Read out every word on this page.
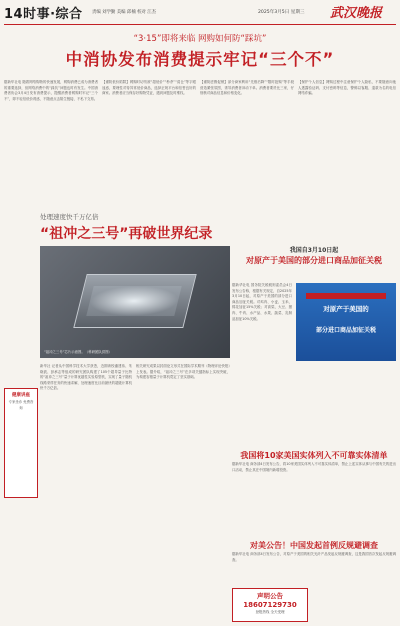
14时事·综合 责编 刘学勤 美编 邱楠 校对 江杰	2025年3月5日 星期三 武汉晚报
“3·15”即将来临 网购如何防“踩坑”
中消协发布消费提示牢记“三个不”
据新华社电 随着网络购物的快速发展，网购消费已成为消费者的重要选择，但网络消费中的“踩坑”问题也时有发生。中国消费者协会3月4日发布消费提示，提醒消费者网购时牢记“三个不”，即不轻信低价诱惑、不随意点击陌生链接、不私下交易。
【谨防低价陷阱】网购时切勿被“超低价”“秒杀”“清仓”等字眼迷惑，要理性对待异常低价商品，选择正规平台和信誉良好的商家。消费者应当保存好购物凭证，遇到问题及时维权。
【谨防虚假促销】部分商家利用“先涨后降”“限时抢购”等手段营造紧张氛围，诱导消费者冲动下单。消费者要货比三家，仔细核对商品信息和价格变化。
【保护个人信息】网购过程中注意保护个人隐私，不要随意向他人透露验证码、支付密码等信息，警惕以客服、退款为名的电信网络诈骗。
处理速度快千万亿倍
“祖冲之三号”再破世界纪录
“祖冲之三号”芯片示意图。（科研团队供图）
新华社 记者从中国科学技术大学获悉，近期该校潘建伟、朱晓波、彭承志等组成的研究团队构建了105个超导量子比特的“祖冲之三号”量子计算优越性实验原型机，实现了量子随机线路采样任务的快速求解，处理速度比目前最快的超级计算机快千万亿倍。
相关研究成果以封面论文形式在国际学术期刊《物理评论快报》上发表。据介绍，“祖冲之三号”在多项关键指标上实现突破，为构建容错量子计算机奠定了坚实基础。
健康讲座
专家坐诊 免费咨询
我国自3月10日起
对原产于美国的部分进口商品加征关税
对原产于美国的
部分进口商品加征关税
据新华社电 国务院关税税则委员会4日发布公告称，根据有关规定，自2025年3月10日起，对原产于美国的部分进口商品加征关税。对鸡肉、小麦、玉米、棉花加征15%关税；对高粱、大豆、猪肉、牛肉、水产品、水果、蔬菜、乳制品加征10%关税。
我国将10家美国实体列入不可靠实体清单
据新华社电 商务部4日发布公告，将10家美国实体列入不可靠实体清单，禁止上述实体从事与中国有关的进出口活动，禁止其在中国境内新增投资。
对美公告！中国发起首例反规避调查
据新华社电 商务部4日发布公告，对原产于美国的相关光纤产品发起反规避调查，这是我国首次发起反规避调查。
声明公告
18607129730
登报热线 全天受理
